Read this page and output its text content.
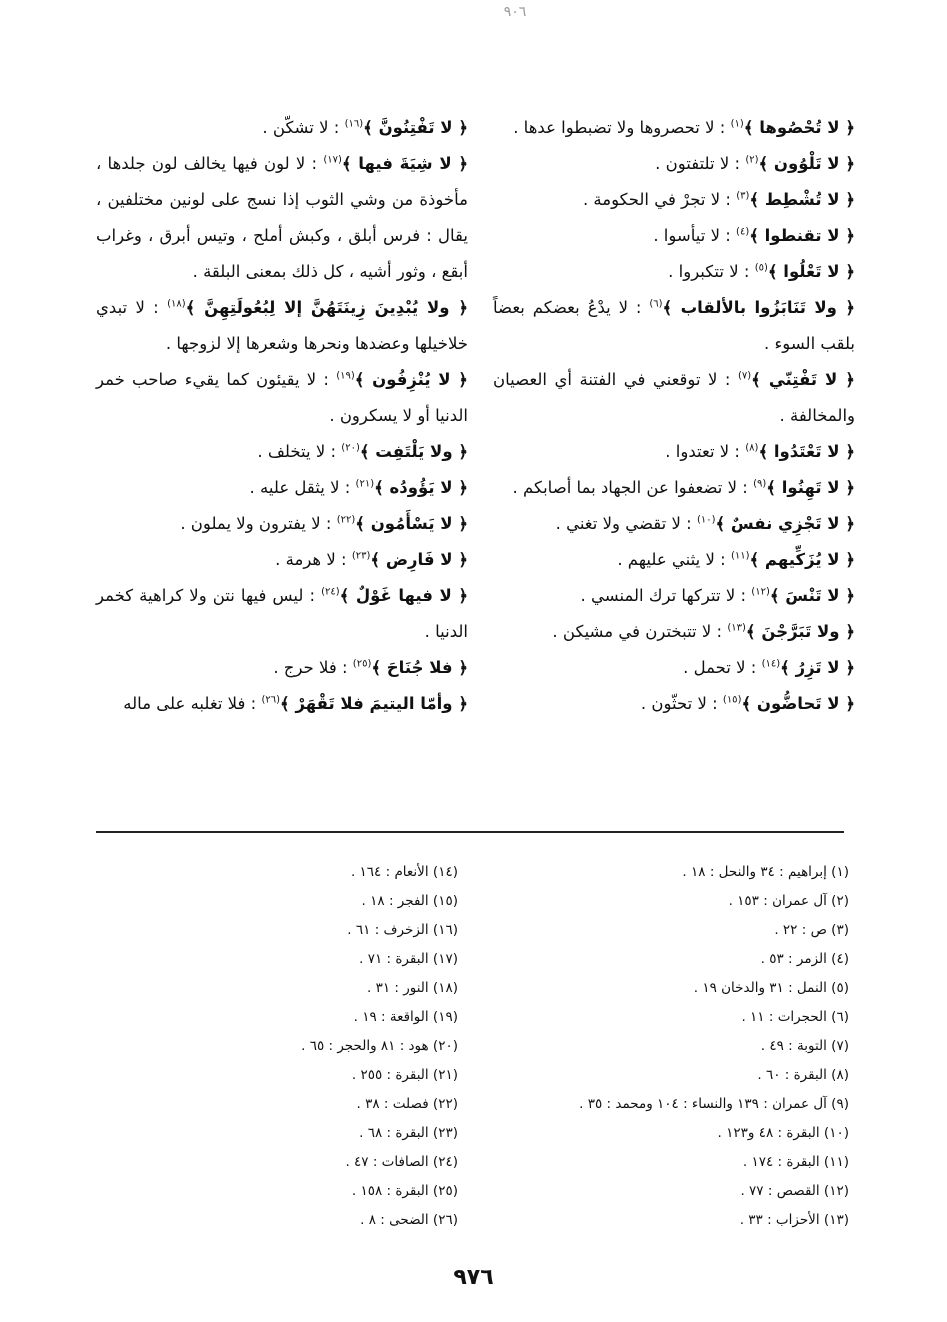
٩٠٦

﴿ لا تُحْصُوها ﴾$^{(١)}$ : لا تحصروها ولا تضبطوا عدها .

﴿ لا تَلْوُون ﴾$^{(٢)}$ : لا تلتفتون .

﴿ لا تُشْطِط ﴾$^{(٣)}$ : لا تجرْ في الحكومة .

﴿ لا تقنطوا ﴾$^{(٤)}$ : لا تيأسوا .

﴿ لا تَعْلُوا ﴾$^{(٥)}$ : لا تتكبروا .

﴿ ولا تَنَابَزُوا بالألقاب ﴾$^{(٦)}$ : لا يدْعُ بعضكم بعضاً بلقب السوء .

﴿ لا تَفْتِنّي ﴾$^{(٧)}$ : لا توقعني في الفتنة أي العصيان والمخالفة .

﴿ لا تَعْتَدُوا ﴾$^{(٨)}$ : لا تعتدوا .

﴿ لا تَهِنُوا ﴾$^{(٩)}$ : لا تضعفوا عن الجهاد بما أصابكم .

﴿ لا تَجْزِي نفسٌ ﴾$^{(١٠)}$ : لا تقضي ولا تغني .

﴿ لا يُزَكِّيهم ﴾$^{(١١)}$ : لا يثني عليهم .

﴿ لا تَنْسَ ﴾$^{(١٢)}$ : لا تتركها ترك المنسي .

﴿ ولا تَبَرَّجْنَ ﴾$^{(١٣)}$ : لا تتبخترن في مشيكن .

﴿ لا تَزِرُ ﴾$^{(١٤)}$ : لا تحمل .

﴿ لا تَحاضُّون ﴾$^{(١٥)}$ : لا تحثّون .

﴿ لا تَفْتِنُونَّ ﴾$^{(١٦)}$ : لا تشكّن .

﴿ لا شِيَةَ فيها ﴾$^{(١٧)}$ : لا لون فيها يخالف لون جلدها ، مأخوذة من وشي الثوب إذا نسج على لونين مختلفين ، يقال : فرس أبلق ، وكبش أملح ، وتيس أبرق ، وغراب أبقع ، وثور أشيه ، كل ذلك بمعنى البلقة .

﴿ ولا يُبْدِينَ زِينَتَهُنَّ إلا لِبُعُولَتِهِنَّ ﴾$^{(١٨)}$ : لا تبدي خلاخيلها وعضدها ونحرها وشعرها إلا لزوجها .

﴿ لا يُنْزِفُون ﴾$^{(١٩)}$ : لا يقيئون كما يقيء صاحب خمر الدنيا أو لا يسكرون .

﴿ ولا يَلْتَفِت ﴾$^{(٢٠)}$ : لا يتخلف .

﴿ لا يَؤُودُه ﴾$^{(٢١)}$ : لا يثقل عليه .

﴿ لا يَسْأَمُون ﴾$^{(٢٢)}$ : لا يفترون ولا يملون .

﴿ لا فَارِض ﴾$^{(٢٣)}$ : لا هرمة .

﴿ لا فيها غَوْلٌ ﴾$^{(٢٤)}$ : ليس فيها نتن ولا كراهية كخمر الدنيا .

﴿ فلا جُنَاحَ ﴾$^{(٢٥)}$ : فلا حرج .

﴿ وأمّا اليتيمَ فلا تَقْهَرْ ﴾$^{(٢٦)}$ : فلا تغلبه على ماله

(١) إبراهيم : ٣٤ والنحل : ١٨ .

(٢) آل عمران : ١٥٣ .

(٣) ص : ٢٢ .

(٤) الزمر : ٥٣ .

(٥) النمل : ٣١ والدخان ١٩ .

(٦) الحجرات : ١١ .

(٧) التوبة : ٤٩ .

(٨) البقرة : ٦٠ .

(٩) آل عمران : ١٣٩ والنساء : ١٠٤ ومحمد : ٣٥ .

(١٠) البقرة : ٤٨ و١٢٣ .

(١١) البقرة : ١٧٤ .

(١٢) القصص : ٧٧ .

(١٣) الأحزاب : ٣٣ .

(١٤) الأنعام : ١٦٤ .

(١٥) الفجر : ١٨ .

(١٦) الزخرف : ٦١ .

(١٧) البقرة : ٧١ .

(١٨) النور : ٣١ .

(١٩) الواقعة : ١٩ .

(٢٠) هود : ٨١ والحجر : ٦٥ .

(٢١) البقرة : ٢٥٥ .

(٢٢) فصلت : ٣٨ .

(٢٣) البقرة : ٦٨ .

(٢٤) الصافات : ٤٧ .

(٢٥) البقرة : ١٥٨ .

(٢٦) الضحى : ٨ .

٩٧٦
